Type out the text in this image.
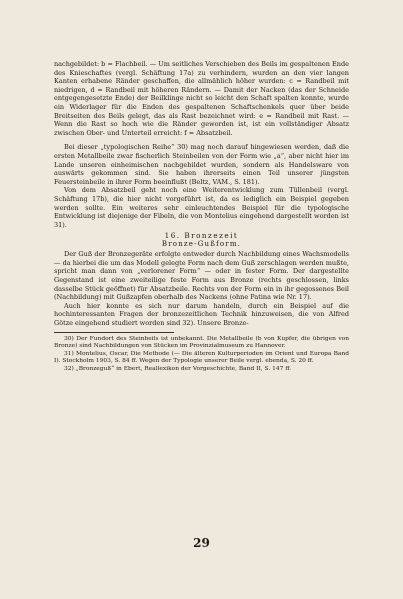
nachgebildet: b = Flachbeil. — Um seitliches Verschieben des Beils im gespaltenen Ende des Knieschaftes (vergl. Schäftung 17a) zu verhindern, wurden an den vier langen Kanten erhabene Ränder geschaffen, die allmählich höher wurden: c = Randbeil mit niedrigen, d = Randbeil mit höheren Rändern. — Damit der Nacken (das der Schneide entgegengesetzte Ende) der Beilklinge nicht so leicht den Schaft spalten konnte, wurde ein Widerlager für die Enden des gespaltenen Schaftschenkels quer über beide Breitseiten des Beils gelegt, das als Rast bezeichnet wird: e = Randbeil mit Rast. — Wenn die Rast so hoch wie die Ränder geworden ist, ist ein vollständiger Absatz zwischen Ober- und Unterteil erreicht: f = Absatzbeil.

Bei dieser „typologischen Reihe“ 30) mag noch darauf hingewiesen werden, daß die ersten Metallbeile zwar fischerlich Steinbeilen von der Form wie „a“, aber nicht hier im Lande unseren einheimischen nachgebildet wurden, sondern als Handelsware von auswärts gekommen sind. Sie haben ihrerseits einen Teil unserer jüngsten Feuersteinbeile in ihrer Form beeinflußt (Beltz, VAM., S. 181).

Von dem Absatzbeil geht noch eine Weiterentwicklung zum Tüllenbeil (vergl. Schäftung 17b), die hier nicht vorgeführt ist, da es lediglich ein Beispiel gegeben werden sollte. Ein weiteres sehr einleuchtendes Beispiel für die typologische Entwicklung ist diejenige der Fibeln, die von Montelius eingehend dargestellt worden ist 31).

16. Bronzezeit
Bronze-Gußform.

Der Guß der Bronzegeräte erfolgte entweder durch Nachbildung eines Wachsmodells — da hierbei die um das Modell gelegte Form nach dem Guß zerschlagen werden mußte, spricht man dann von „verlorener Form“ — oder in fester Form. Der dargestellte Gegenstand ist eine zweiteilige feste Form aus Bronze (rechts geschlossen, links dasselbe Stück geöffnet) für Absatzbeile. Rechts von der Form ein in ihr gegossenes Beil (Nachbildung) mit Gußzapfen oberhalb des Nackens (ohne Patina wie Nr. 17).

Auch hier konnte es sich nur darum handeln, durch ein Beispiel auf die hochinteressanten Fragen der bronzezeitlichen Technik hinzuweisen, die von Alfred Götze eingehend studiert worden sind 32). Unsere Bronze-

30) Der Fundort des Steinbeils ist unbekannt. Die Metallbeile (b von Kupfer, die übrigen von Bronze) sind Nachbildungen von Stücken im Provinzialmuseum zu Hannover.

31) Montelius, Oscar, Die Methode (— Die älteren Kulturperioden im Orient und Europa Band I). Stockholm 1903, S. 84 ff. Wegen der Typologie unserer Beile vergl. ebenda, S. 20 ff.

32) „Bronzeguß“ in Ebert, Reallexikon der Vorgeschichte, Band II, S. 147 ff.

29
